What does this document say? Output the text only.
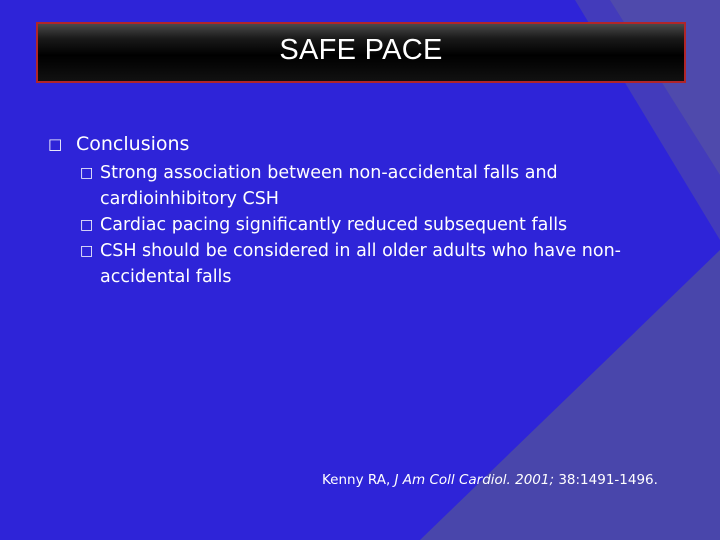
SAFE PACE
□ Conclusions
□ Strong association between non-accidental falls and cardioinhibitory CSH
□ Cardiac pacing significantly reduced subsequent falls
□ CSH should be considered in all older adults who have non-accidental falls
Kenny RA, J Am Coll Cardiol. 2001; 38:1491-1496.
